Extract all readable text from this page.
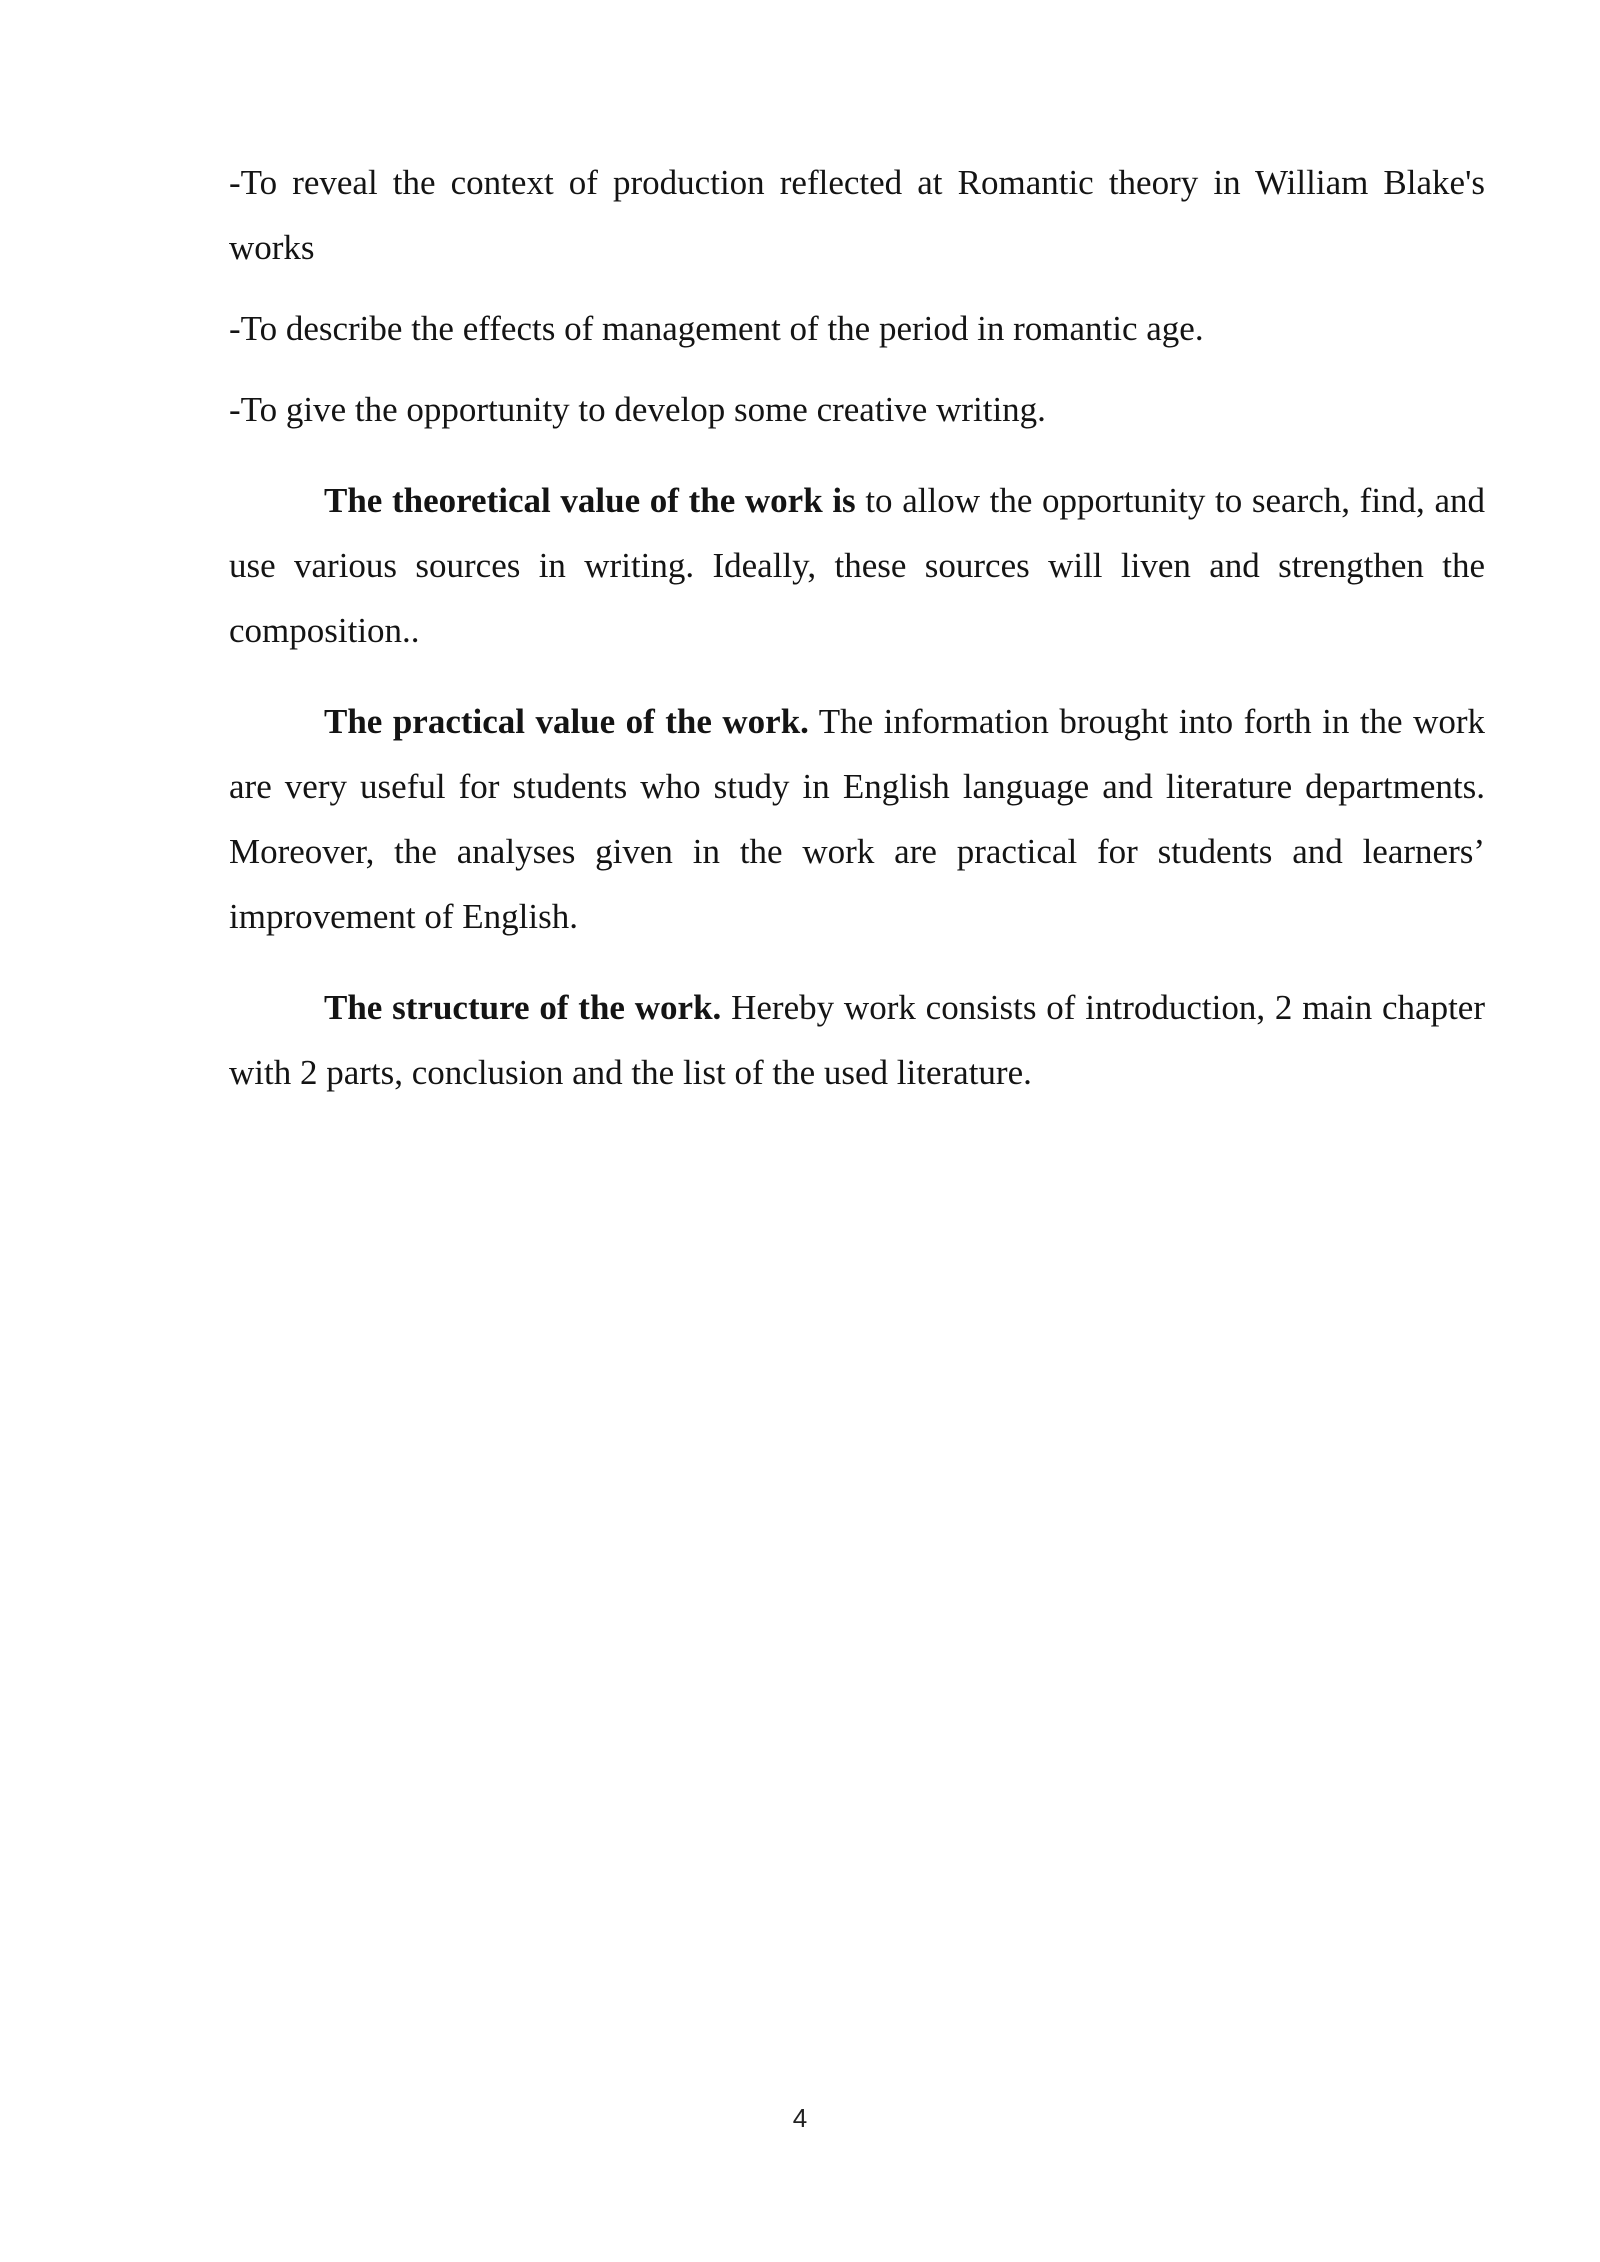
-To reveal the context of production reflected at Romantic theory in William Blake's works

-To describe the effects of management of the period in romantic age.

-To give the opportunity to develop some creative writing.

The theoretical value of the work is to allow the opportunity to search, find, and use various sources in writing. Ideally, these sources will liven and strengthen the composition..

The practical value of the work. The information brought into forth in the work are very useful for students who study in English language and literature departments. Moreover, the analyses given in the work are practical for students and learners’ improvement of English.

The structure of the work. Hereby work consists of introduction, 2 main chapter with 2 parts, conclusion and the list of the used literature.

4
